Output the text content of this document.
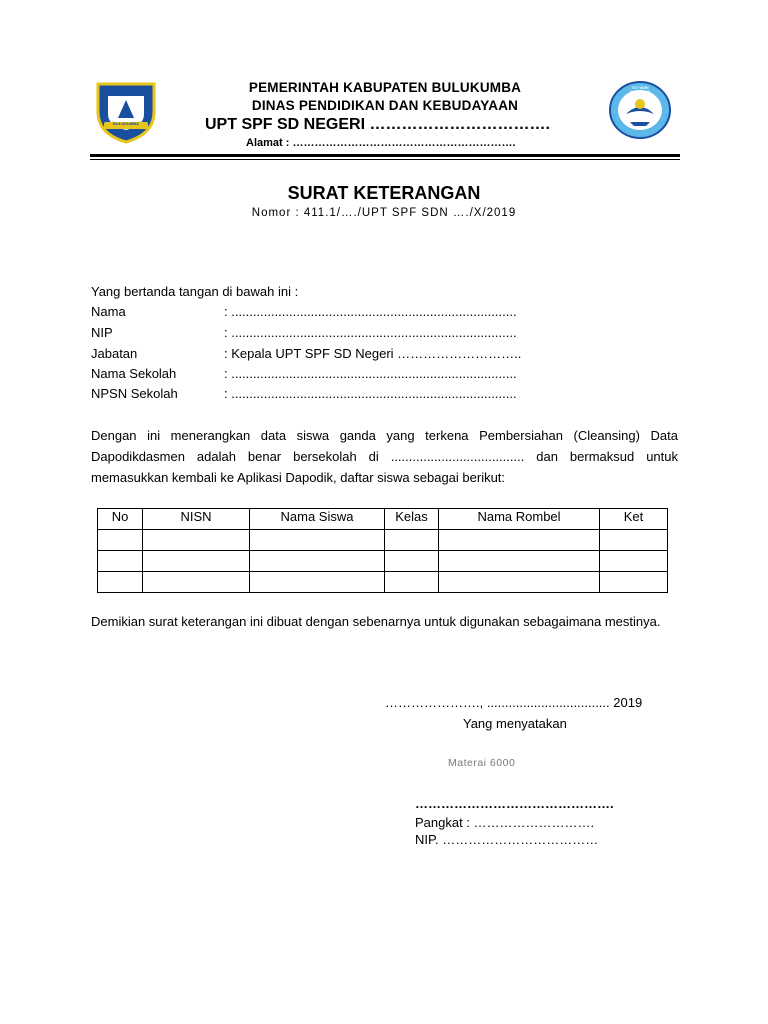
BULUKUMBA
TUT WURI HANDAYANI
PEMERINTAH KABUPATEN BULUKUMBA
DINAS PENDIDIKAN DAN KEBUDAYAAN
UPT SPF SD NEGERI …………………………….
Alamat : …………………………………………………….
SURAT KETERANGAN
Nomor : 411.1/…./UPT SPF SDN …./X/2019
Yang bertanda tangan di bawah ini :
Nama	: ...............................................................................
NIP	: ...............................................................................
Jabatan	: Kepala UPT SPF SD Negeri ………………………..
Nama Sekolah	: ...............................................................................
NPSN Sekolah	: ...............................................................................
Dengan ini menerangkan data siswa ganda yang terkena Pembersiahan (Cleansing) Data Dapodikdasmen adalah benar bersekolah di ..................................... dan bermaksud untuk memasukkan kembali ke Aplikasi Dapodik, daftar siswa sebagai berikut:
No	NISN	Nama Siswa	Kelas	Nama Rombel	Ket

Demikian surat keterangan ini dibuat dengan sebenarnya untuk digunakan sebagaimana mestinya.
…………………., .................................. 2019
Yang menyatakan
Materai 6000
……………………………………….
Pangkat : ……………………….
NIP. ………………………………
